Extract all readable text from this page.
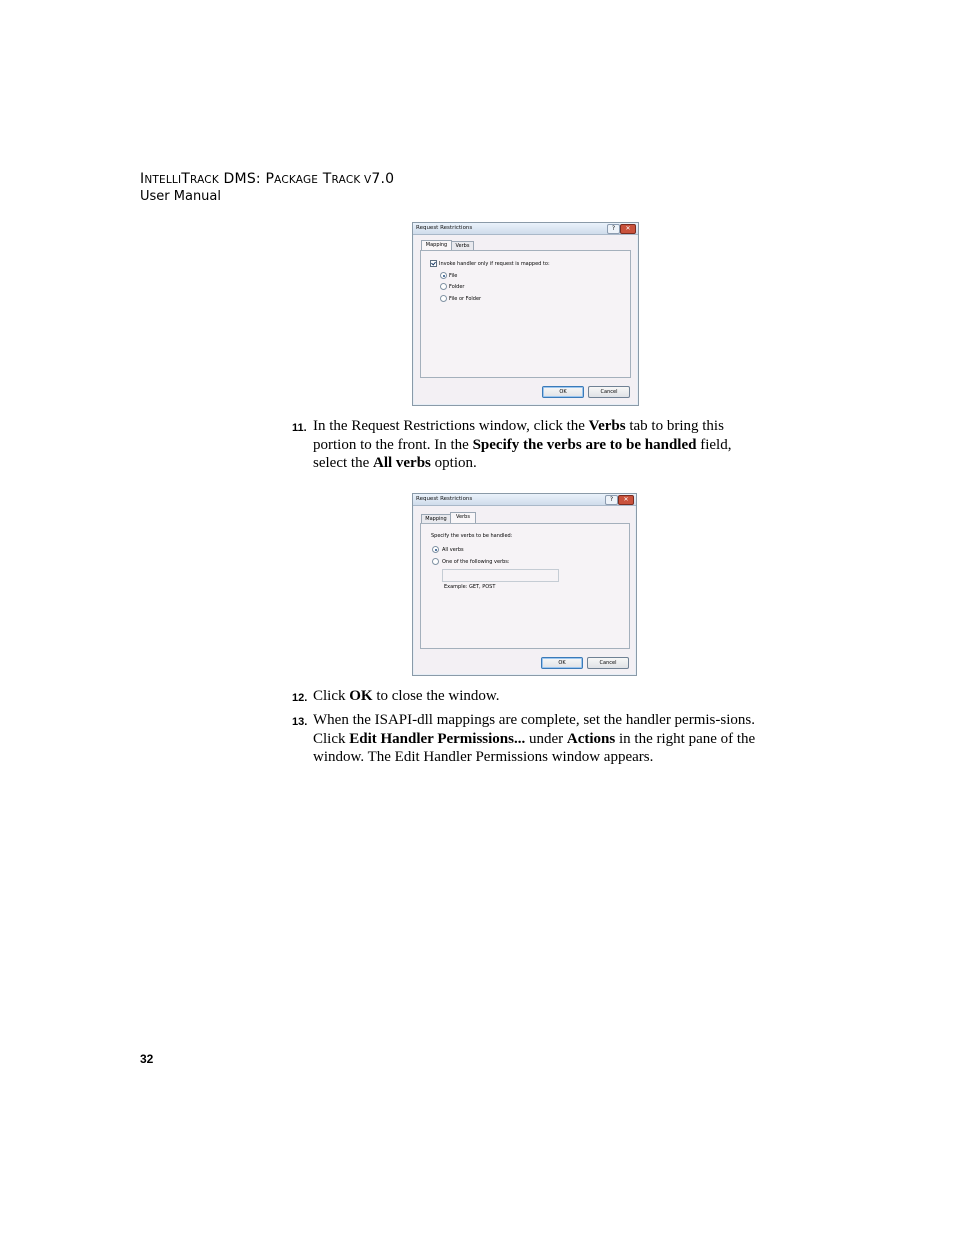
INTELLITRACK DMS: PACKAGE TRACK V7.0
User Manual
Request Restrictions	?	✕
Mapping	Verbs
Invoke handler only if request is mapped to:
File
Folder
File or Folder
OK	Cancel
11. In the Request Restrictions window, click the Verbs tab to bring this portion to the front. In the Specify the verbs are to be handled field, select the All verbs option.
Request Restrictions	?	✕
Mapping	Verbs
Specify the verbs to be handled:
All verbs
One of the following verbs:
Example: GET, POST
OK	Cancel
12. Click OK to close the window.
13. When the ISAPI-dll mappings are complete, set the handler permis-sions. Click Edit Handler Permissions... under Actions in the right pane of the window. The Edit Handler Permissions window appears.
32
